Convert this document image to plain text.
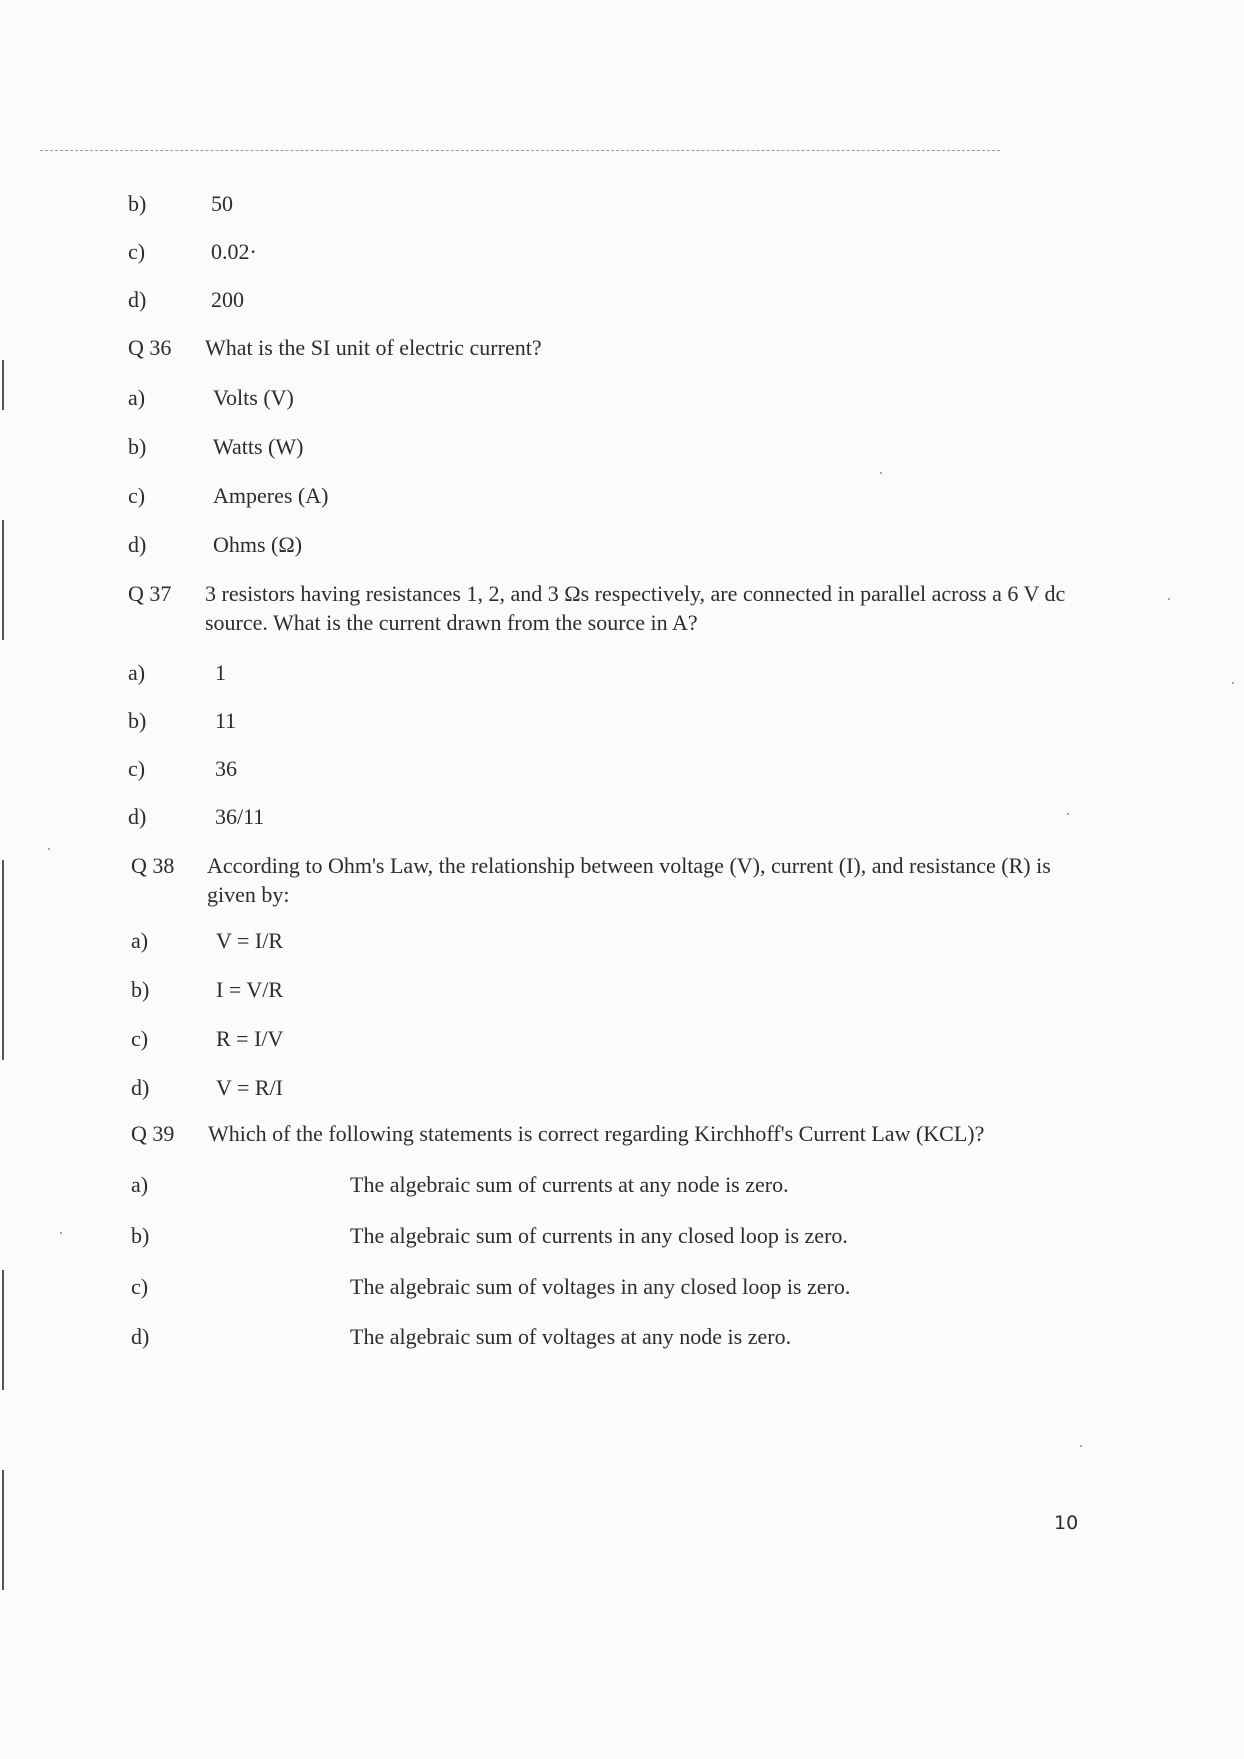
b)	50
c)	0.02·
d)	200
Q 36 What is the SI unit of electric current?
a)	Volts (V)
b)	Watts (W)
c)	Amperes (A)
d)	Ohms (Ω)
Q 37 3 resistors having resistances 1, 2, and 3 Ωs respectively, are connected in parallel across a 6 V dc source. What is the current drawn from the source in A?
a)	1
b)	11
c)	36
d)	36/11
Q 38 According to Ohm's Law, the relationship between voltage (V), current (I), and resistance (R) is given by:
a)	V = I/R
b)	I = V/R
c)	R = I/V
d)	V = R/I
Q 39 Which of the following statements is correct regarding Kirchhoff's Current Law (KCL)?
a)	The algebraic sum of currents at any node is zero.
b)	The algebraic sum of currents in any closed loop is zero.
c)	The algebraic sum of voltages in any closed loop is zero.
d)	The algebraic sum of voltages at any node is zero.
10
